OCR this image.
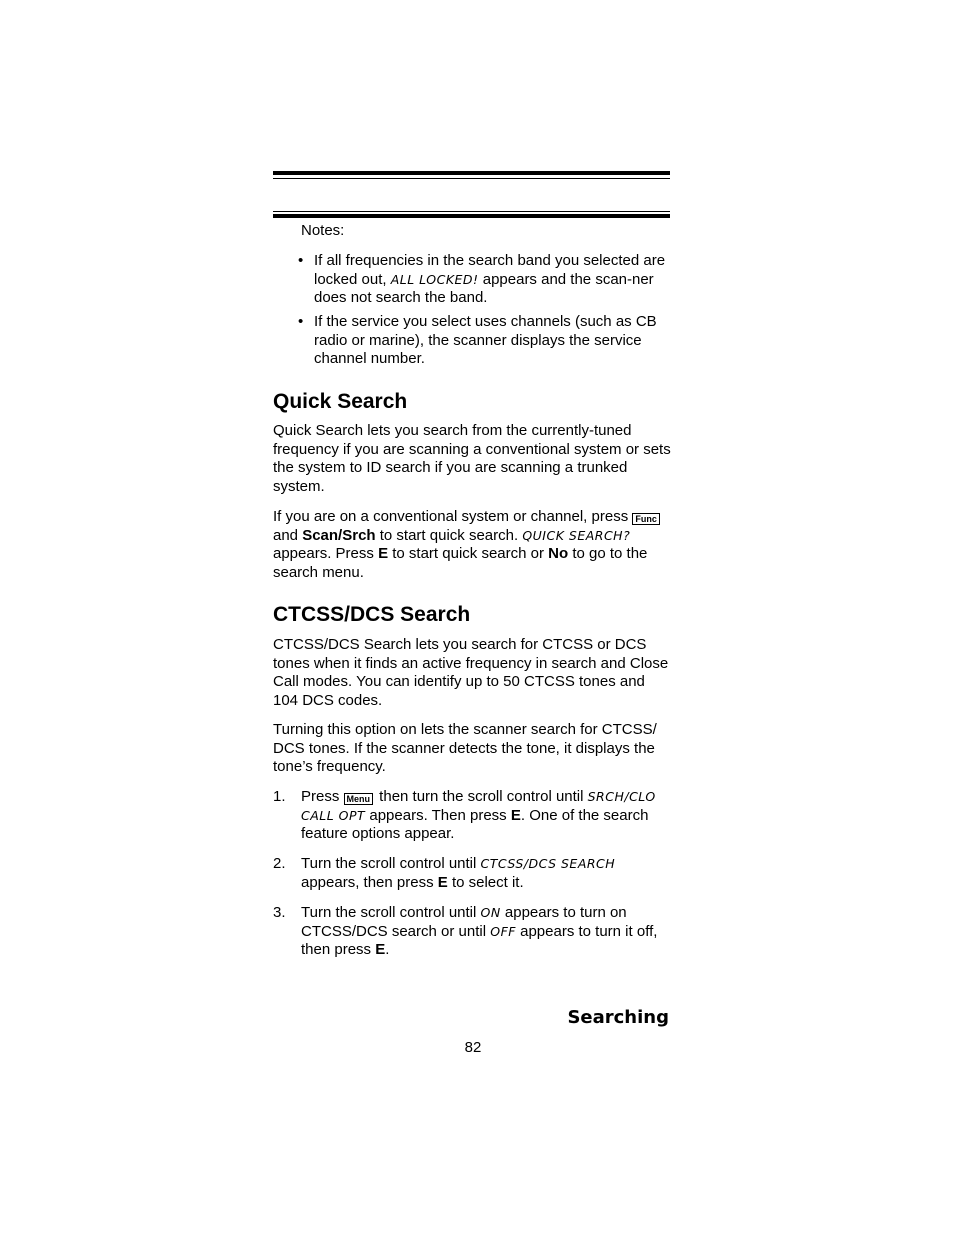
Notes:
• If all frequencies in the search band you selected are locked out, ALL LOCKED! appears and the scan-ner does not search the band.

• If the service you select uses channels (such as CB radio or marine), the scanner displays the service channel number.

Quick Search

Quick Search lets you search from the currently-tuned frequency if you are scanning a conventional system or sets the system to ID search if you are scanning a trunked system.

If you are on a conventional system or channel, press Func and Scan/Srch to start quick search. QUICK SEARCH? appears. Press E to start quick search or No to go to the search menu.

CTCSS/DCS Search

CTCSS/DCS Search lets you search for CTCSS or DCS tones when it finds an active frequency in search and Close Call modes. You can identify up to 50 CTCSS tones and 104 DCS codes.

Turning this option on lets the scanner search for CTCSS/ DCS tones. If the scanner detects the tone, it displays the tone’s frequency.

1. Press Menu then turn the scroll control until SRCH/CLO CALL OPT appears. Then press E. One of the search feature options appear.

2. Turn the scroll control until CTCSS/DCS SEARCH appears, then press E to select it.

3. Turn the scroll control until ON appears to turn on CTCSS/DCS search or until OFF appears to turn it off, then press E.

Searching
82
